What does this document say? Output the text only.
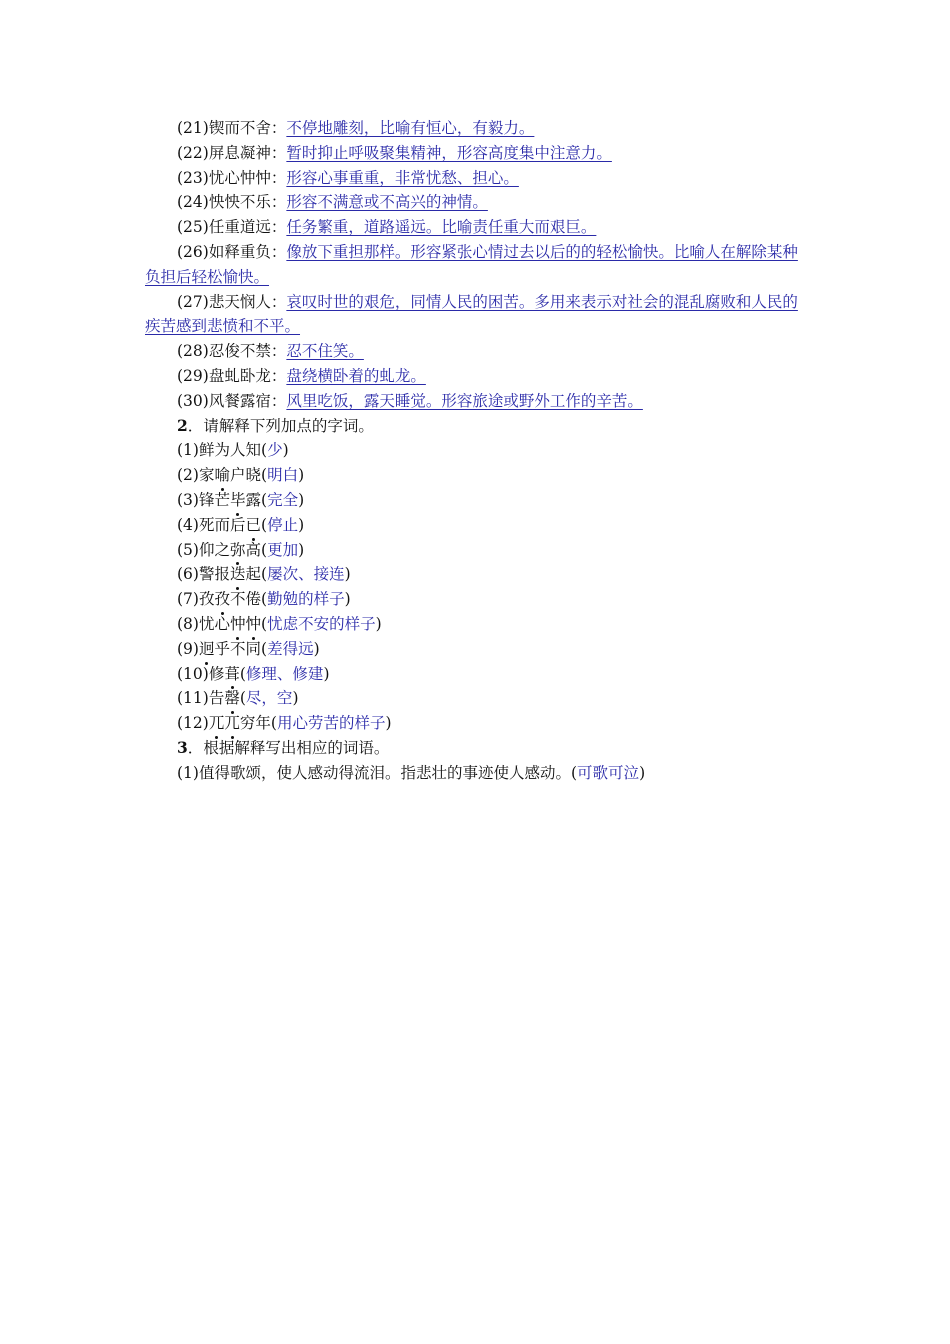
(21)锲而不舍：不停地雕刻，比喻有恒心，有毅力。
(22)屏息凝神：暂时抑止呼吸聚集精神，形容高度集中注意力。
(23)忧心忡忡：形容心事重重，非常忧愁、担心。
(24)怏怏不乐：形容不满意或不高兴的神情。
(25)任重道远：任务繁重，道路遥远。比喻责任重大而艰巨。
(26)如释重负：像放下重担那样。形容紧张心情过去以后的的轻松愉快。比喻人在解除某种负担后轻松愉快。
(27)悲天悯人：哀叹时世的艰危，同情人民的困苦。多用来表示对社会的混乱腐败和人民的疾苦感到悲愤和不平。
(28)忍俊不禁：忍不住笑。
(29)盘虬卧龙：盘绕横卧着的虬龙。
(30)风餐露宿：风里吃饭，露天睡觉。形容旅途或野外工作的辛苦。
2．请解释下列加点的字词。
(1)鲜为人知(少)
(2)家喻户晓(明白)
(3)锋芒毕露(完全)
(4)死而后已(停止)
(5)仰之弥高(更加)
(6)警报迭起(屡次、接连)
(7)孜孜不倦(勤勉的样子)
(8)忧心忡忡(忧虑不安的样子)
(9)迥乎不同(差得远)
(10)修葺(修理、修建)
(11)告罄(尽，空)
(12)兀兀穷年(用心劳苦的样子)
3．根据解释写出相应的词语。
(1)值得歌颂，使人感动得流泪。指悲壮的事迹使人感动。(可歌可泣)
